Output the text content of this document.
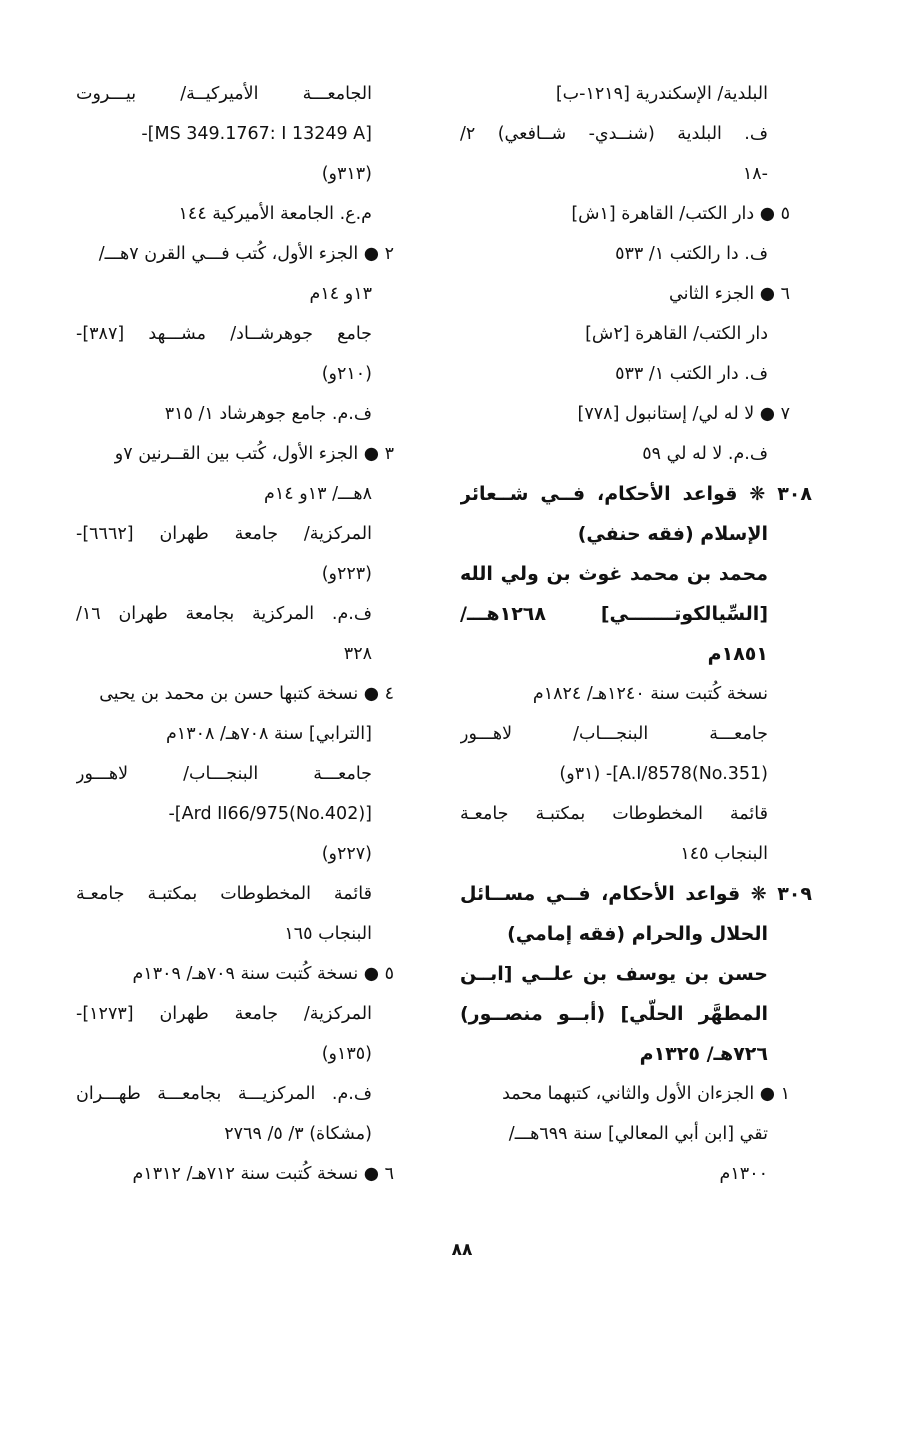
البلدية/ الإسكندرية [١٢١٩-ب]
ف. البلدية (شنــدي- شــافعي) ٢/
-١٨
٥ ● دار الكتب/ القاهرة [١ش]
ف. دا رالكتب ١/ ٥٣٣
٦ ● الجزء الثاني
دار الكتب/ القاهرة [٢ش]
ف. دار الكتب ١/ ٥٣٣
٧ ● لا له لي/ إستانبول [٧٧٨]
ف.م. لا له لي ٥٩
٣٠٨ ❋ قواعد الأحكام، فــي شــعائر
الإسلام (فقه حنفي)
محمد بن محمد غوث بن ولي الله
[السِّيالكوتـــــــي] ١٢٦٨هـــ/
١٨٥١م
نسخة كُتبت سنة ١٢٤٠هـ/ ١٨٢٤م
جامعـــة البنجـــاب/ لاهـــور
(No.351)A.I/8578]- (٣١و)
قائمة المخطوطات بمكتبـة جامعـة
البنجاب ١٤٥
٣٠٩ ❋ قواعد الأحكام، فــي مســائل
الحلال والحرام (فقه إمامي)
حسن بن يوسف بن علــي [ابــن
المطهَّر الحلّي] (أبــو منصــور)
٧٢٦هـ/ ١٣٢٥م
١ ● الجزءان الأول والثاني، كتبهما محمد
تقي [ابن أبي المعالي] سنة ٦٩٩هـــ/
١٣٠٠م
الجامعـــة الأميركيــة/ بيـــروت
[MS 349.1767: I 13249 A]-
(٣١٣و)
م.ع. الجامعة الأميركية ١٤٤
٢ ● الجزء الأول، كُتب فـــي القرن ٧هـــ/
١٣و ١٤م
جامع جوهرشــاد/ مشـــهد [٣٨٧]-
(٢١٠و)
ف.م. جامع جوهرشاد ١/ ٣١٥
٣ ● الجزء الأول، كُتب بين القــرنين ٧و
٨هـــ/ ١٣و ١٤م
المركزية/ جامعة طهران [٦٦٦٢]-
(٢٢٣و)
ف.م. المركزية بجامعة طهران ١٦/
٣٢٨
٤ ● نسخة كتبها حسن بن محمد بن يحيى
[الترابي] سنة ٧٠٨هـ/ ١٣٠٨م
جامعـــة البنجـــاب/ لاهـــور
[(No.402)Ard II66/975]-
(٢٢٧و)
قائمة المخطوطات بمكتبـة جامعـة
البنجاب ١٦٥
٥ ● نسخة كُتبت سنة ٧٠٩هـ/ ١٣٠٩م
المركزية/ جامعة طهران [١٢٧٣]-
(١٣٥و)
ف.م. المركزيـــة بجامعـــة طهـــران
(مشكاة) ٣/ ٥/ ٢٧٦٩
٦ ● نسخة كُتبت سنة ٧١٢هـ/ ١٣١٢م
٨٨
